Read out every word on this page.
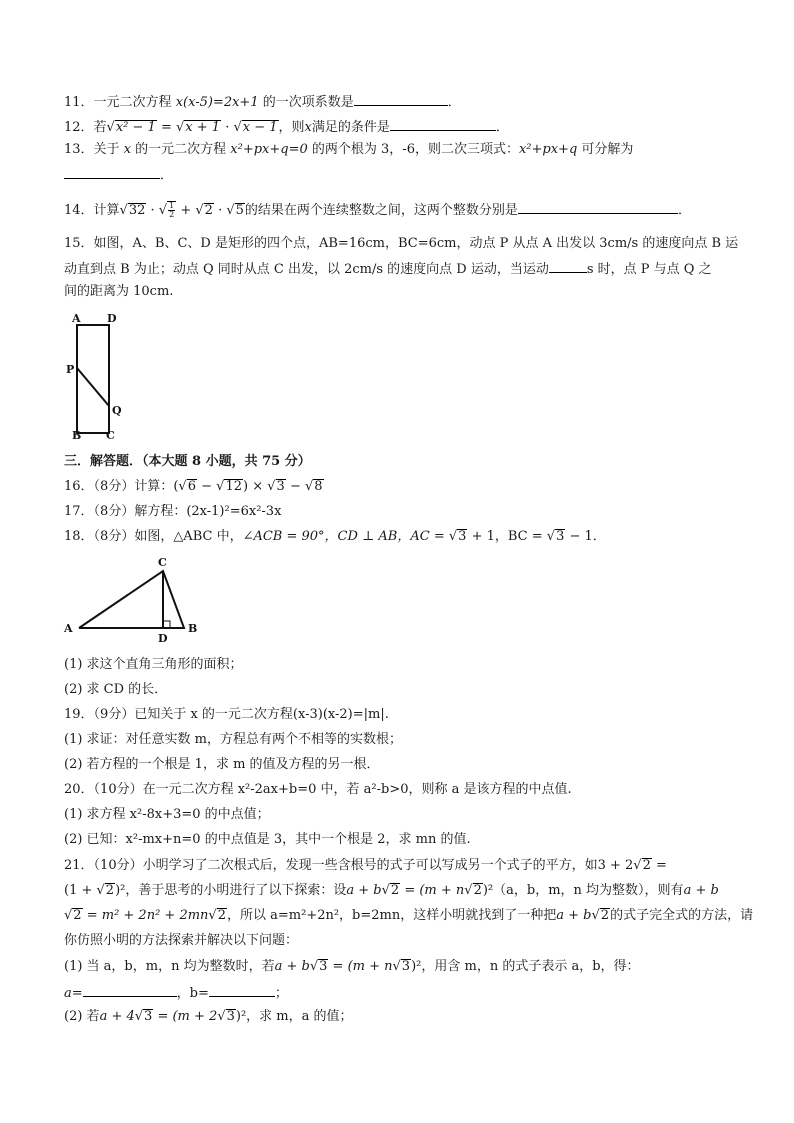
11．一元二次方程 x(x-5)=2x+1 的一次项系数是	．
12．若√x² − 1 = √x + 1 · √x − 1，则x满足的条件是	．
13．关于 x 的一元二次方程 x²+px+q=0 的两个根为 3，-6，则二次三项式：x²+px+q 可分解为
．
14．计算√32 · √ $\frac{1}{2} + √2 \cdot √5$的结果在两个连续整数之间，这两个整数分别是	．
15．如图，A、B、C、D 是矩形的四个点，AB=16cm，BC=6cm，动点 P 从点 A 出发以 3cm/s 的速度向点 B 运
动直到点 B 为止；动点 Q 同时从点 C 出发，以 2cm/s 的速度向点 D 运动，当运动	s 时，点 P 与点 Q 之
间的距离为 10cm.
A D
P
Q
B C
三．解答题．（本大题 8 小题，共 75 分）
16．（8分）计算：(√6 − √12) × √3 − √8
17．（8分）解方程：(2x-1)²=6x²-3x
18．（8分）如图，△ABC 中，∠ACB = 90°，CD ⊥ AB，AC = √3 + 1，BC = √3 − 1．
A	B
C
D
(1) 求这个直角三角形的面积；
(2) 求 CD 的长．
19．（9分）已知关于 x 的一元二次方程(x-3)(x-2)=|m|.
(1) 求证：对任意实数 m，方程总有两个不相等的实数根；
(2) 若方程的一个根是 1，求 m 的值及方程的另一根．
20．（10分）在一元二次方程 x²-2ax+b=0 中，若 a²-b>0，则称 a 是该方程的中点值.
(1) 求方程 x²-8x+3=0 的中点值；
(2) 已知：x²-mx+n=0 的中点值是 3，其中一个根是 2，求 mn 的值.
21．（10分）小明学习了二次根式后，发现一些含根号的式子可以写成另一个式子的平方，如3 + 2√2 =
(1 + √2)²，善于思考的小明进行了以下探索：设a + b√2 = (m + n√2)²（a，b，m，n 均为整数），则有a + b
√2 = m² + 2n² + 2mn√2，所以 a=m²+2n²，b=2mn，这样小明就找到了一种把a + b√2的式子完全式的方法，请
你仿照小明的方法探索并解决以下问题：
(1) 当 a，b，m，n 均为整数时，若a + b√3 = (m + n√3)²，用含 m，n 的式子表示 a，b，得：
a=	，b=	；
(2) 若a + 4√3 = (m + 2√3)²，求 m，a 的值；
